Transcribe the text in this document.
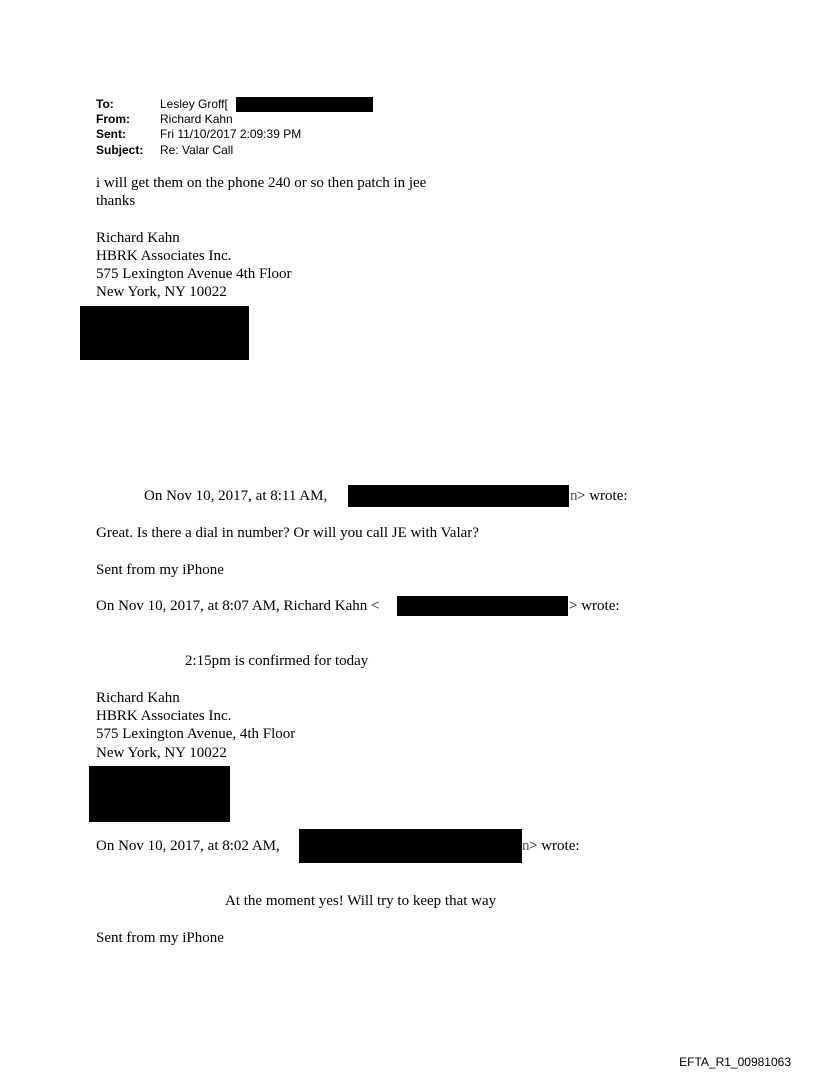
To:	Lesley Groff[
From:	Richard Kahn
Sent:	Fri 11/10/2017 2:09:39 PM
Subject: Re: Valar Call
i will get them on the phone 240 or so then patch in jee
thanks
Richard Kahn
HBRK Associates Inc.
575 Lexington Avenue 4th Floor
New York, NY 10022
On Nov 10, 2017, at 8:11 AM,	n > wrote:
Great. Is there a dial in number? Or will you call JE with Valar?
Sent from my iPhone
On Nov 10, 2017, at 8:07 AM, Richard Kahn <	> wrote:
2:15pm is confirmed for today
Richard Kahn
HBRK Associates Inc.
575 Lexington Avenue, 4th Floor
New York, NY 10022
On Nov 10, 2017, at 8:02 AM,	n > wrote:
At the moment yes! Will try to keep that way
Sent from my iPhone
EFTA_R1_00981063
